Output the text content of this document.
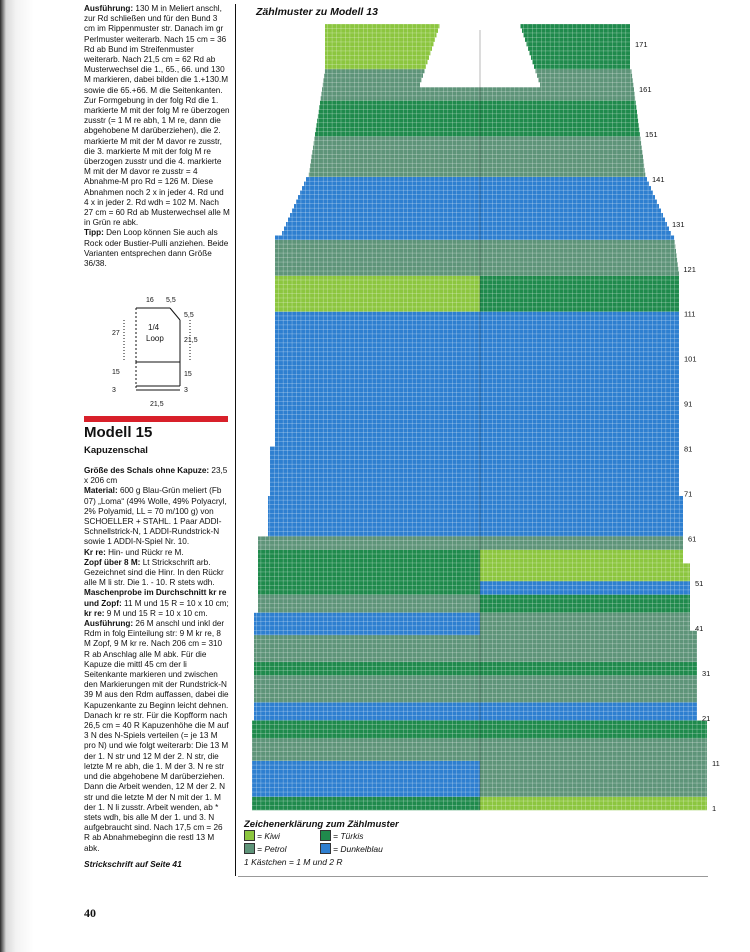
Ausführung: 130 M in Meliert anschl, zur Rd schließen und für den Bund 3 cm im Rippenmuster str. Danach im gr Perlmuster weiterarb. Nach 15 cm = 36 Rd ab Bund im Streifenmuster weiterarb. Nach 21,5 cm = 62 Rd ab Musterwechsel die 1., 65., 66. und 130 M markieren, dabei bilden die 1.+130.M sowie die 65.+66. M die Seitenkanten. Zur Formgebung in der folg Rd die 1. markierte M mit der folg M re überzogen zusstr (= 1 M re abh, 1 M re, dann die abgehobene M darüberziehen), die 2. markierte M mit der M davor re zusstr, die 3. markierte M mit der folg M re überzogen zusstr und die 4. markierte M mit der M davor re zusstr = 4 Abnahme-M pro Rd = 126 M. Diese Abnahmen noch 2 x in jeder 4. Rd und 4 x in jeder 2. Rd wdh = 102 M. Nach 27 cm = 60 Rd ab Musterwechsel alle M in Grün re abk.

Tipp: Den Loop können Sie auch als Rock oder Bustier-Pulli anziehen. Beide Varianten entsprechen dann Größe 36/38.

16 5,5
5,5
27
1/4
Loop	21,5
15	15
3	3
21,5
Modell 15
Kapuzenschal

Größe des Schals ohne Kapuze: 23,5 x 206 cm

Material: 600 g Blau-Grün meliert (Fb 07) „Loma“ (49% Wolle, 49% Polyacryl, 2% Polyamid, LL = 70 m/100 g) von SCHOELLER + STAHL. 1 Paar ADDI-Schnellstrick-N, 1 ADDI-Rundstrick-N sowie 1 ADDI-N-Spiel Nr. 10.

Kr re: Hin- und Rückr re M.

Zopf über 8 M: Lt Strickschrift arb. Gezeichnet sind die Hinr. In den Rückr alle M li str. Die 1. - 10. R stets wdh.

Maschenprobe im Durchschnitt kr re und Zopf: 11 M und 15 R = 10 x 10 cm;
kr re: 9 M und 15 R = 10 x 10 cm.

Ausführung: 26 M anschl und inkl der Rdm in folg Einteilung str: 9 M kr re, 8 M Zopf, 9 M kr re. Nach 206 cm = 310 R ab Anschlag alle M abk. Für die Kapuze die mittl 45 cm der li Seitenkante markieren und zwischen den Markierungen mit der Rundstrick-N 39 M aus den Rdm auffassen, dabei die Kapuzenkante zu Beginn leicht dehnen. Danach kr re str. Für die Kopfform nach 26,5 cm = 40 R Kapuzenhöhe die M auf 3 N des N-Spiels verteilen (= je 13 M pro N) und wie folgt weiterarb: Die 13 M der 1. N str und 12 M der 2. N str, die letzte M re abh, die 1. M der 3. N re str und die abgehobene M darüberziehen. Dann die Arbeit wenden, 12 M der 2. N str und die letzte M der N mit der 1. M der 1. N li zusstr. Arbeit wenden, ab * stets wdh, bis alle M der 1. und 3. N aufgebraucht sind. Nach 17,5 cm = 26 R ab Abnahmebeginn die restl 13 M abk.

Strickschrift auf Seite 41
40
Zählmuster zu Modell 13
1
11
21
31
41
51
61
71
81
91
101
111
121
131
141
151
161
171
Zeichenerklärung zum Zählmuster
= Kiwi	= Türkis
= Petrol	= Dunkelblau
1 Kästchen = 1 M und 2 R
